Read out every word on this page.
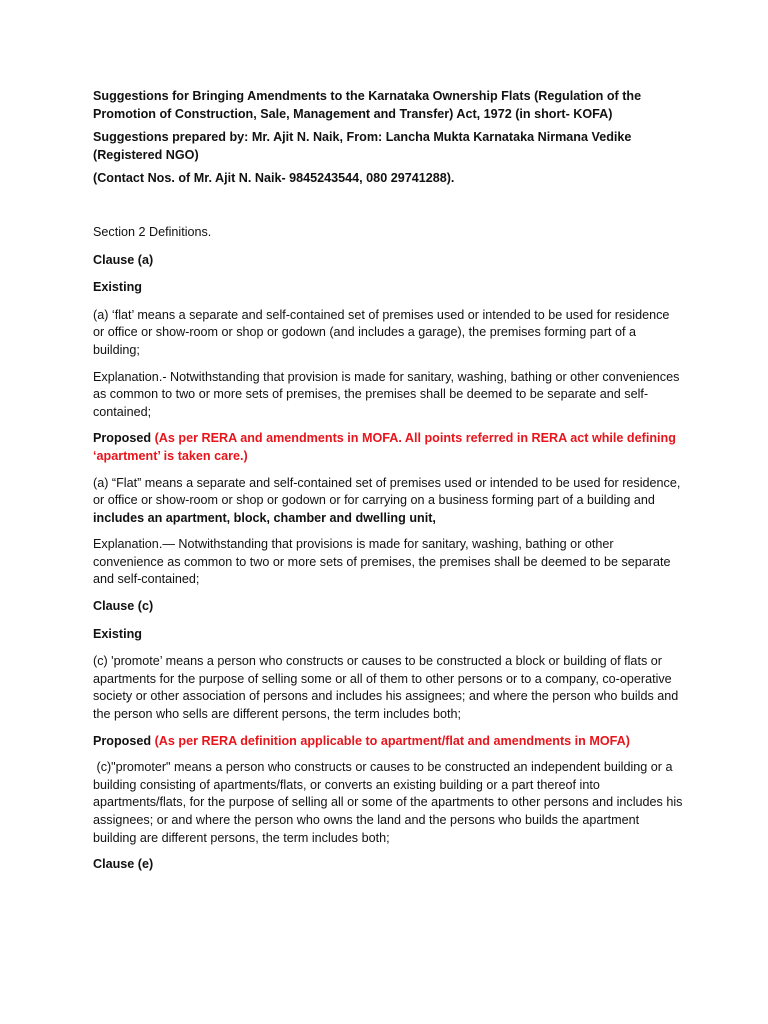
Suggestions for Bringing Amendments to the Karnataka Ownership Flats (Regulation of the Promotion of Construction, Sale, Management and Transfer) Act, 1972 (in short- KOFA)

Suggestions prepared by: Mr. Ajit N. Naik, From: Lancha Mukta Karnataka Nirmana Vedike (Registered NGO)

(Contact Nos. of Mr. Ajit N. Naik- 9845243544, 080 29741288).

Section 2 Definitions.

Clause (a)

Existing

(a) ‘flat’ means a separate and self-contained set of premises used or intended to be used for residence or office or show-room or shop or godown (and includes a garage), the premises forming part of a building;

Explanation.- Notwithstanding that provision is made for sanitary, washing, bathing or other conveniences as common to two or more sets of premises, the premises shall be deemed to be separate and self-contained;

Proposed (As per RERA and amendments in MOFA. All points referred in RERA act while defining ‘apartment’ is taken care.)

(a) “Flat” means a separate and self-contained set of premises used or intended to be used for residence, or office or show-room or shop or godown or for carrying on a business forming part of a building and includes an apartment, block, chamber and dwelling unit,

Explanation.— Notwithstanding that provisions is made for sanitary, washing, bathing or other convenience as common to two or more sets of premises, the premises shall be deemed to be separate and self-contained;

Clause (c)

Existing

(c) 'promote’ means a person who constructs or causes to be constructed a block or building of flats or apartments for the purpose of selling some or all of them to other persons or to a company, co-operative society or other association of persons and includes his assignees; and where the person who builds and the person who sells are different persons, the term includes both;

Proposed (As per RERA definition applicable to apartment/flat and amendments in MOFA)

(c)"promoter" means a person who constructs or causes to be constructed an independent building or a building consisting of apartments/flats, or converts an existing building or a part thereof into apartments/flats, for the purpose of selling all or some of the apartments to other persons and includes his assignees; or and where the person who owns the land and the persons who builds the apartment building are different persons, the term includes both;

Clause (e)
